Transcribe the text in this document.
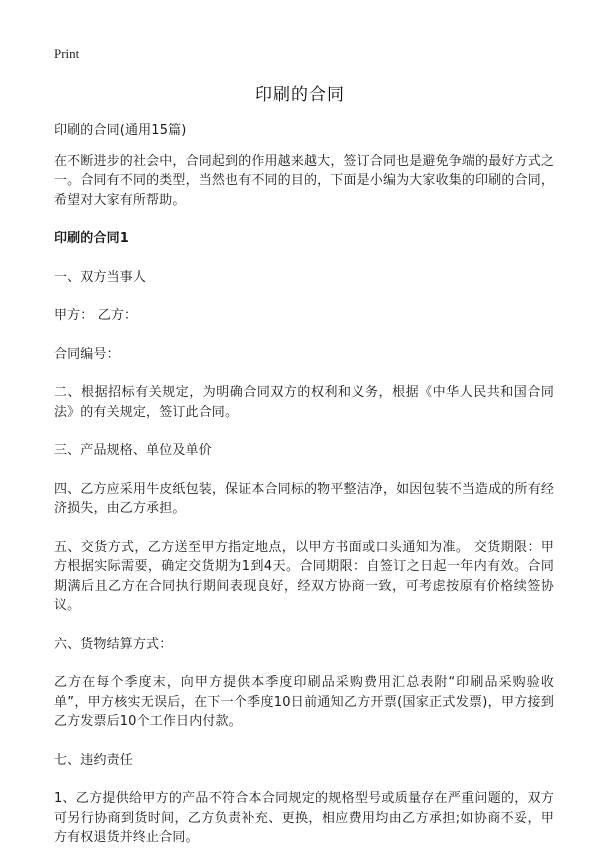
Print
印刷的合同

印刷的合同(通用15篇)

在不断进步的社会中，合同起到的作用越来越大，签订合同也是避免争端的最好方式之一。合同有不同的类型，当然也有不同的目的，下面是小编为大家收集的印刷的合同，希望对大家有所帮助。

印刷的合同1

一、双方当事人

甲方： 乙方：

合同编号：

二、根据招标有关规定，为明确合同双方的权利和义务，根据《中华人民共和国合同法》的有关规定，签订此合同。

三、产品规格、单位及单价

四、乙方应采用牛皮纸包装，保证本合同标的物平整洁净，如因包装不当造成的所有经济损失，由乙方承担。

五、交货方式，乙方送至甲方指定地点，以甲方书面或口头通知为准。 交货期限：甲方根据实际需要，确定交货期为1到4天。合同期限：自签订之日起一年内有效。合同期满后且乙方在合同执行期间表现良好，经双方协商一致，可考虑按原有价格续签协议。

六、货物结算方式：

乙方在每个季度末，向甲方提供本季度印刷品采购费用汇总表附“印刷品采购验收单”，甲方核实无误后，在下一个季度10日前通知乙方开票(国家正式发票)，甲方接到乙方发票后10个工作日内付款。

七、违约责任

1、乙方提供给甲方的产品不符合本合同规定的规格型号或质量存在严重问题的，双方可另行协商到货时间，乙方负责补充、更换，相应费用均由乙方承担;如协商不妥，甲方有权退货并终止合同。
